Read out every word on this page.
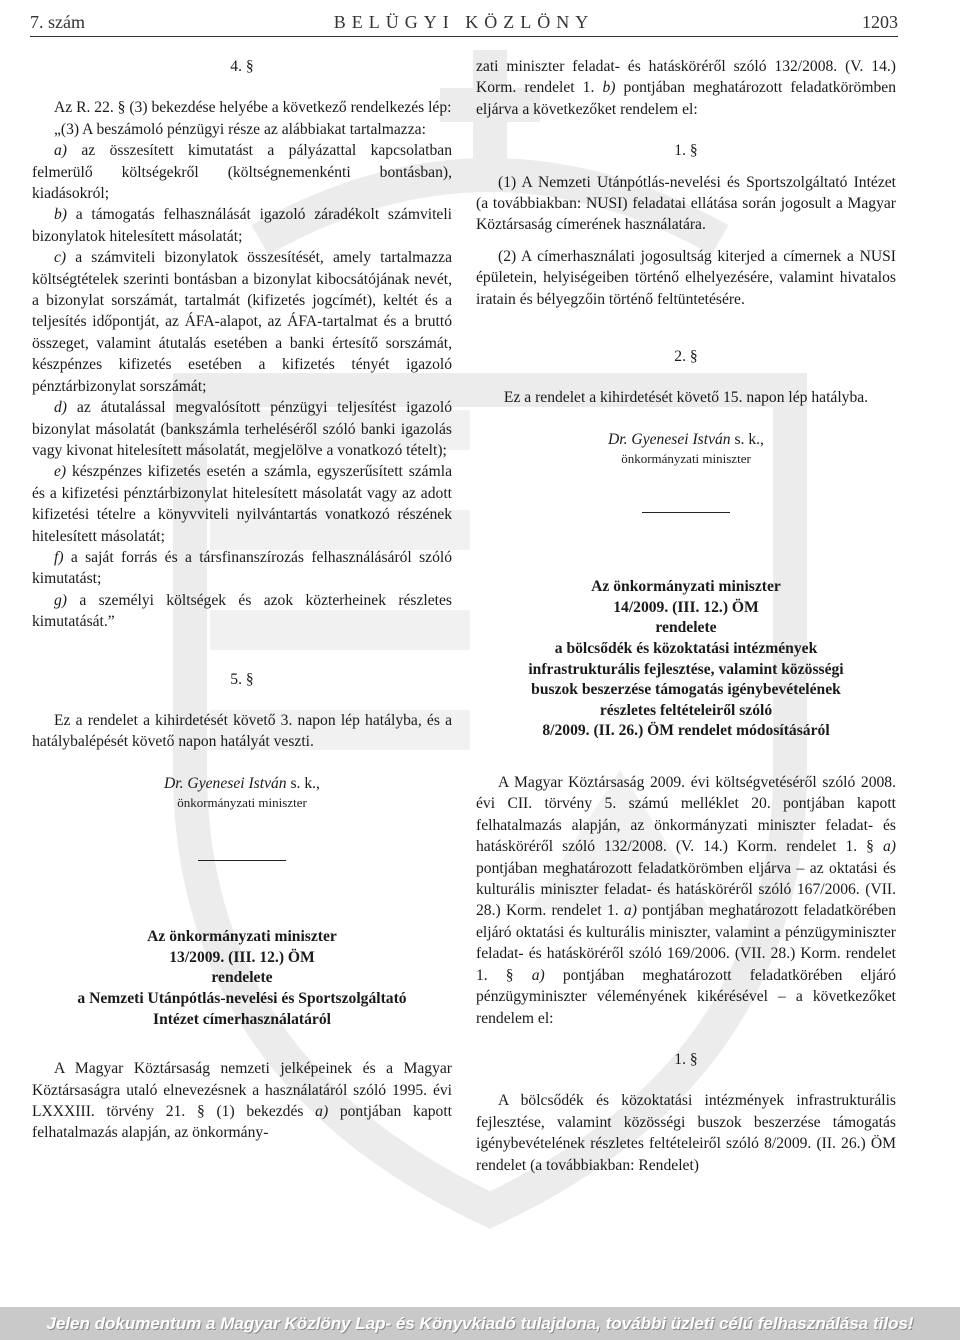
7. szám	BELÜGYI KÖZLÖNY	1203

4. §

Az R. 22. § (3) bekezdése helyébe a következő rendelkezés lép:

„(3) A beszámoló pénzügyi része az alábbiakat tartalmazza:

a) az összesített kimutatást a pályázattal kapcsolatban felmerülő költségekről (költségnemenkénti bontásban), kiadásokról;

b) a támogatás felhasználását igazoló záradékolt számviteli bizonylatok hitelesített másolatát;

c) a számviteli bizonylatok összesítését, amely tartalmazza költségtételek szerinti bontásban a bizonylat kibocsátójának nevét, a bizonylat sorszámát, tartalmát (kifizetés jogcímét), keltét és a teljesítés időpontját, az ÁFA-alapot, az ÁFA-tartalmat és a bruttó összeget, valamint átutalás esetében a banki értesítő sorszámát, készpénzes kifizetés esetében a kifizetés tényét igazoló pénztárbizonylat sorszámát;

d) az átutalással megvalósított pénzügyi teljesítést igazoló bizonylat másolatát (bankszámla terheléséről szóló banki igazolás vagy kivonat hitelesített másolatát, megjelölve a vonatkozó tételt);

e) készpénzes kifizetés esetén a számla, egyszerűsített számla és a kifizetési pénztárbizonylat hitelesített másolatát vagy az adott kifizetési tételre a könyvviteli nyilvántartás vonatkozó részének hitelesített másolatát;

f) a saját forrás és a társfinanszírozás felhasználásáról szóló kimutatást;

g) a személyi költségek és azok közterheinek részletes kimutatását.”

5. §

Ez a rendelet a kihirdetését követő 3. napon lép hatályba, és a hatálybalépését követő napon hatályát veszti.

Dr. Gyenesei István s. k.,

önkormányzati miniszter

Az önkormányzati miniszter

13/2009. (III. 12.) ÖM

rendelete

a Nemzeti Utánpótlás-nevelési és Sportszolgáltató

Intézet címerhasználatáról

A Magyar Köztársaság nemzeti jelképeinek és a Magyar Köztársaságra utaló elnevezésnek a használatáról szóló 1995. évi LXXXIII. törvény 21. § (1) bekezdés a) pontjában kapott felhatalmazás alapján, az önkormány-

zati miniszter feladat- és hatásköréről szóló 132/2008. (V. 14.) Korm. rendelet 1. b) pontjában meghatározott feladatkörömben eljárva a következőket rendelem el:

1. §

(1) A Nemzeti Utánpótlás-nevelési és Sportszolgáltató Intézet (a továbbiakban: NUSI) feladatai ellátása során jogosult a Magyar Köztársaság címerének használatára.

(2) A címerhasználati jogosultság kiterjed a címernek a NUSI épületein, helyiségeiben történő elhelyezésére, valamint hivatalos iratain és bélyegzőin történő feltüntetésére.

2. §

Ez a rendelet a kihirdetését követő 15. napon lép hatályba.

Dr. Gyenesei István s. k.,

önkormányzati miniszter

Az önkormányzati miniszter

14/2009. (III. 12.) ÖM

rendelete

a bölcsődék és közoktatási intézmények

infrastrukturális fejlesztése, valamint közösségi

buszok beszerzése támogatás igénybevételének

részletes feltételeiről szóló

8/2009. (II. 26.) ÖM rendelet módosításáról

A Magyar Köztársaság 2009. évi költségvetéséről szóló 2008. évi CII. törvény 5. számú melléklet 20. pontjában kapott felhatalmazás alapján, az önkormányzati miniszter feladat- és hatásköréről szóló 132/2008. (V. 14.) Korm. rendelet 1. § a) pontjában meghatározott feladatkörömben eljárva – az oktatási és kulturális miniszter feladat- és hatásköréről szóló 167/2006. (VII. 28.) Korm. rendelet 1. a) pontjában meghatározott feladatkörében eljáró oktatási és kulturális miniszter, valamint a pénzügyminiszter feladat- és hatásköréről szóló 169/2006. (VII. 28.) Korm. rendelet 1. § a) pontjában meghatározott feladatkörében eljáró pénzügyminiszter véleményének kikérésével – a következőket rendelem el:

1. §

A bölcsődék és közoktatási intézmények infrastrukturális fejlesztése, valamint közösségi buszok beszerzése támogatás igénybevételének részletes feltételeiről szóló 8/2009. (II. 26.) ÖM rendelet (a továbbiakban: Rendelet)

Jelen dokumentum a Magyar Közlöny Lap- és Könyvkiadó tulajdona, további üzleti célú felhasználása tilos!
